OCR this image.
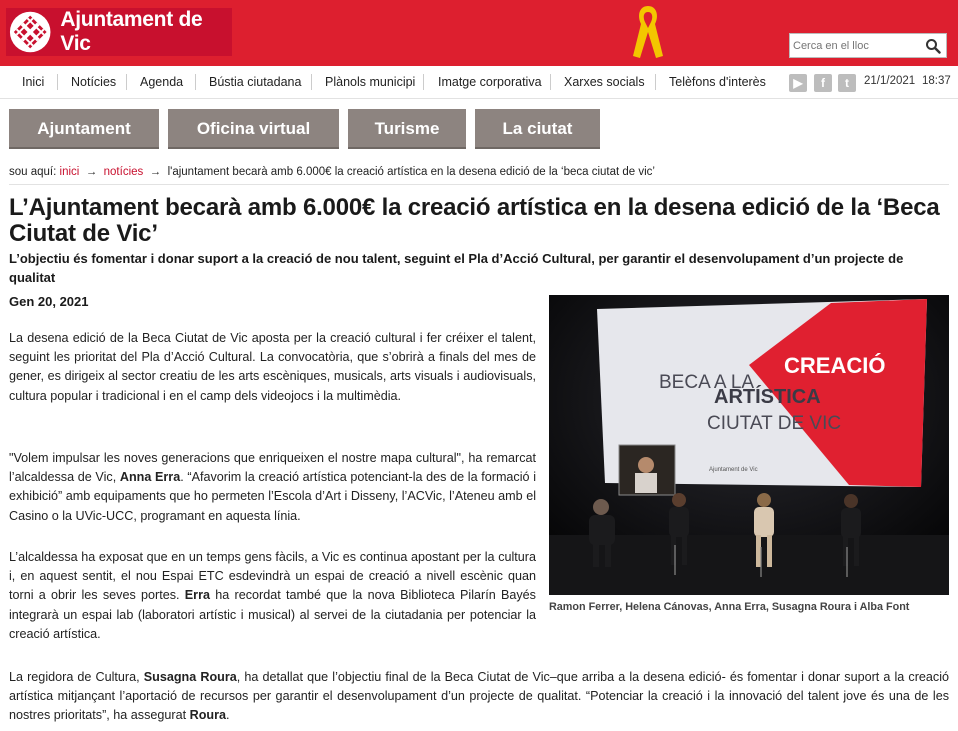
Ajuntament de Vic
Cerca en el lloc
Inici Notícies Agenda Bústia ciutadana Plànols municipi Imatge corporativa Xarxes socials Telèfons d'interès	▶	f	t	21/1/2021 18:37
Ajuntament	Oficina virtual	Turisme	La ciutat
sou aquí: inici  →  notícies  →  l'ajuntament becarà amb 6.000€ la creació artística en la desena edició de la ‘beca ciutat de vic’
L’Ajuntament becarà amb 6.000€ la creació artística en la desena edició de la ‘Beca Ciutat de Vic’
L’objectiu és fomentar i donar suport a la creació de nou talent, seguint el Pla d’Acció Cultural, per garantir el desenvolupament d’un projecte de qualitat
Gen 20, 2021

La desena edició de la Beca Ciutat de Vic aposta per la creació cultural i fer créixer el talent, seguint les prioritat del Pla d’Acció Cultural. La convocatòria, que s’obrirà a finals del mes de gener, es dirigeix al sector creatiu de les arts escèniques, musicals, arts visuals i audiovisuals, cultura popular i tradicional i en el camp dels videojocs i la multimèdia.

"Volem impulsar les noves generacions que enriqueixen el nostre mapa cultural", ha remarcat l’alcaldessa de Vic, Anna Erra. “Afavorim la creació artística potenciant-la des de la formació i exhibició” amb equipaments que ho permeten l’Escola d’Art i Disseny, l’ACVic, l’Ateneu amb el Casino o la UVic-UCC, programant en aquesta línia.

L’alcaldessa ha exposat que en un temps gens fàcils, a Vic es continua apostant per la cultura i, en aquest sentit, el nou Espai ETC esdevindrà un espai de creació a nivell escènic quan torni a obrir les seves portes. Erra ha recordat també que la nova Biblioteca Pilarín Bayés integrarà un espai lab (laboratori artístic i musical) al servei de la ciutadania per potenciar la creació artística.

La regidora de Cultura, Susagna Roura, ha detallat que l’objectiu final de la Beca Ciutat de Vic–que arriba a la desena edició- és fomentar i donar suport a la creació artística mitjançant l’aportació de recursos per garantir el desenvolupament d’un projecte de qualitat. “Potenciar la creació i la innovació del talent jove és una de les nostres prioritats”, ha assegurat Roura.

BECA A LA
CREACIÓ
ARTÍSTICA
CIUTAT DE VIC
Ajuntament de Vic
Ramon Ferrer, Helena Cánovas, Anna Erra, Susagna Roura i Alba Font
